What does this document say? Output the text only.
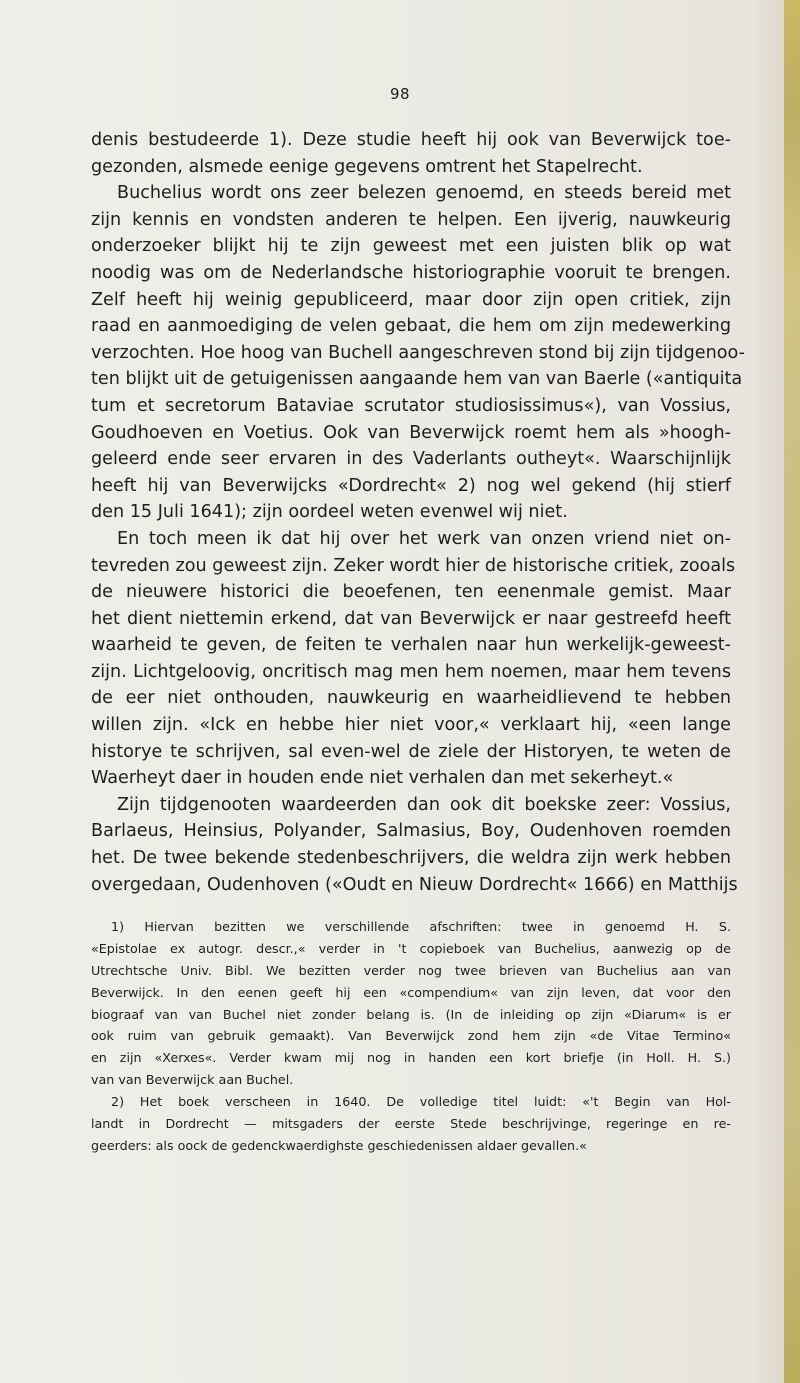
98
denis bestudeerde 1). Deze studie heeft hij ook van Beverwijck toe-
gezonden, alsmede eenige gegevens omtrent het Stapelrecht.
Buchelius wordt ons zeer belezen genoemd, en steeds bereid met
zijn kennis en vondsten anderen te helpen. Een ijverig, nauwkeurig
onderzoeker blijkt hij te zijn geweest met een juisten blik op wat
noodig was om de Nederlandsche historiographie vooruit te brengen.
Zelf heeft hij weinig gepubliceerd, maar door zijn open critiek, zijn
raad en aanmoediging de velen gebaat, die hem om zijn medewerking
verzochten. Hoe hoog van Buchell aangeschreven stond bij zijn tijdgenoo-
ten blijkt uit de getuigenissen aangaande hem van van Baerle («antiquita
tum et secretorum Bataviae scrutator studiosissimus«), van Vossius,
Goudhoeven en Voetius. Ook van Beverwijck roemt hem als »hoogh-
geleerd ende seer ervaren in des Vaderlants outheyt«. Waarschijnlijk
heeft hij van Beverwijcks «Dordrecht« 2) nog wel gekend (hij stierf
den 15 Juli 1641); zijn oordeel weten evenwel wij niet.
En toch meen ik dat hij over het werk van onzen vriend niet on-
tevreden zou geweest zijn. Zeker wordt hier de historische critiek, zooals
de nieuwere historici die beoefenen, ten eenenmale gemist. Maar
het dient niettemin erkend, dat van Beverwijck er naar gestreefd heeft
waarheid te geven, de feiten te verhalen naar hun werkelijk-geweest-
zijn. Lichtgeloovig, oncritisch mag men hem noemen, maar hem tevens
de eer niet onthouden, nauwkeurig en waarheidlievend te hebben
willen zijn. «Ick en hebbe hier niet voor,« verklaart hij, «een lange
historye te schrijven, sal even-wel de ziele der Historyen, te weten de
Waerheyt daer in houden ende niet verhalen dan met sekerheyt.«
Zijn tijdgenooten waardeerden dan ook dit boekske zeer: Vossius,
Barlaeus, Heinsius, Polyander, Salmasius, Boy, Oudenhoven roemden
het. De twee bekende stedenbeschrijvers, die weldra zijn werk hebben
overgedaan, Oudenhoven («Oudt en Nieuw Dordrecht« 1666) en Matthijs
1) Hiervan bezitten we verschillende afschriften: twee in genoemd H. S.
«Epistolae ex autogr. descr.,« verder in 't copieboek van Buchelius, aanwezig op de
Utrechtsche Univ. Bibl. We bezitten verder nog twee brieven van Buchelius aan van
Beverwijck. In den eenen geeft hij een «compendium« van zijn leven, dat voor den
biograaf van van Buchel niet zonder belang is. (In de inleiding op zijn «Diarum« is er
ook ruim van gebruik gemaakt). Van Beverwijck zond hem zijn «de Vitae Termino«
en zijn «Xerxes«. Verder kwam mij nog in handen een kort briefje (in Holl. H. S.)
van van Beverwijck aan Buchel.
2) Het boek verscheen in 1640. De volledige titel luidt: «'t Begin van Hol-
landt in Dordrecht — mitsgaders der eerste Stede beschrijvinge, regeringe en re-
geerders: als oock de gedenckwaerdighste geschiedenissen aldaer gevallen.«
